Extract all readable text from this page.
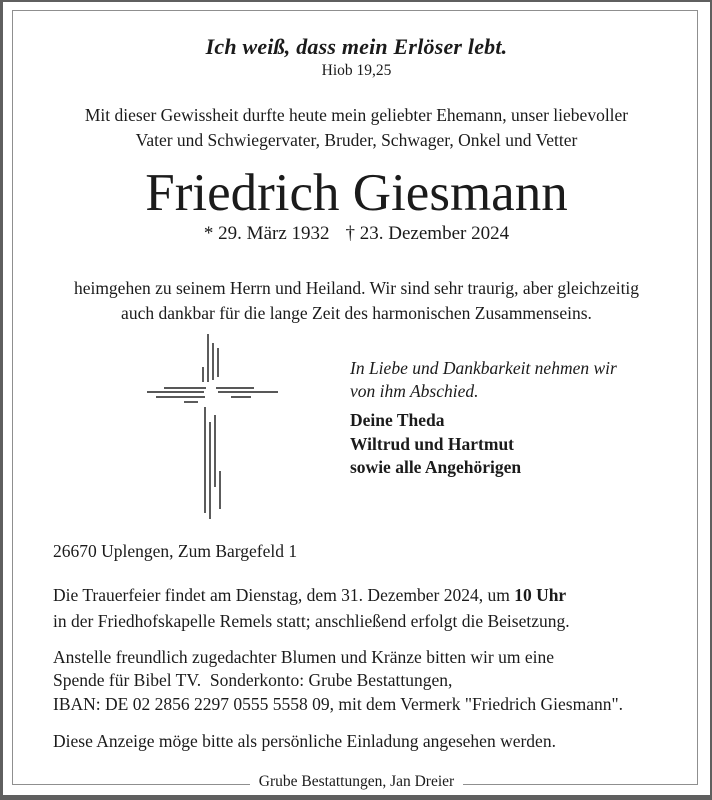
Ich weiß, dass mein Erlöser lebt.
Hiob 19,25
Mit dieser Gewissheit durfte heute mein geliebter Ehemann, unser liebevoller
Vater und Schwiegervater, Bruder, Schwager, Onkel und Vetter
Friedrich Giesmann
* 29. März 1932 † 23. Dezember 2024
heimgehen zu seinem Herrn und Heiland. Wir sind sehr traurig, aber gleichzeitig
auch dankbar für die lange Zeit des harmonischen Zusammenseins.
In Liebe und Dankbarkeit nehmen wir
von ihm Abschied.
Deine Theda
Wiltrud und Hartmut
sowie alle Angehörigen
26670 Uplengen, Zum Bargefeld 1
Die Trauerfeier findet am Dienstag, dem 31. Dezember 2024, um 10 Uhr
in der Friedhofskapelle Remels statt; anschließend erfolgt die Beisetzung.
Anstelle freundlich zugedachter Blumen und Kränze bitten wir um eine
Spende für Bibel TV.  Sonderkonto: Grube Bestattungen,
IBAN: DE 02 2856 2297 0555 5558 09, mit dem Vermerk "Friedrich Giesmann".
Diese Anzeige möge bitte als persönliche Einladung angesehen werden.
Grube Bestattungen, Jan Dreier
